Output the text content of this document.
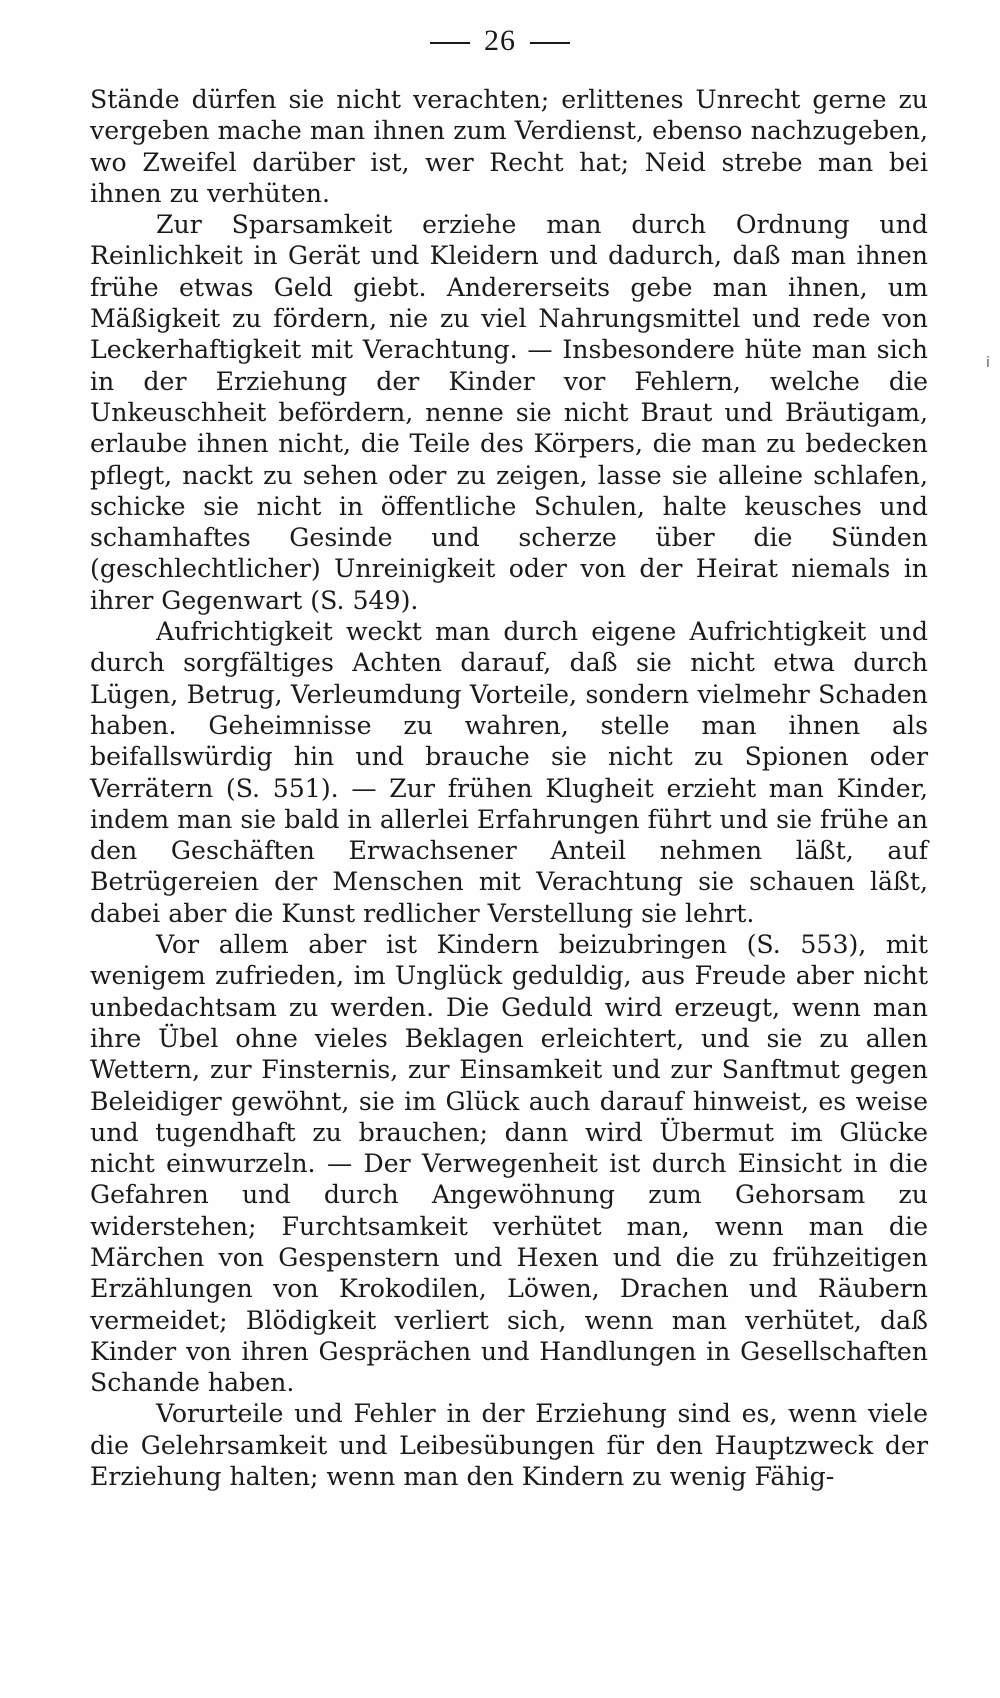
26

Stände dürfen sie nicht verachten; erlittenes Unrecht gerne zu vergeben mache man ihnen zum Verdienst, ebenso nachzugeben, wo Zweifel darüber ist, wer Recht hat; Neid strebe man bei ihnen zu verhüten.

Zur Sparsamkeit erziehe man durch Ordnung und Reinlichkeit in Gerät und Kleidern und dadurch, daß man ihnen frühe etwas Geld giebt. Andererseits gebe man ihnen, um Mäßigkeit zu fördern, nie zu viel Nahrungsmittel und rede von Leckerhaftigkeit mit Verachtung. — Insbesondere hüte man sich in der Erziehung der Kinder vor Fehlern, welche die Unkeuschheit befördern, nenne sie nicht Braut und Bräutigam, erlaube ihnen nicht, die Teile des Körpers, die man zu bedecken pflegt, nackt zu sehen oder zu zeigen, lasse sie alleine schlafen, schicke sie nicht in öffentliche Schulen, halte keusches und schamhaftes Gesinde und scherze über die Sünden (geschlechtlicher) Unreinigkeit oder von der Heirat niemals in ihrer Gegenwart (S. 549).

Aufrichtigkeit weckt man durch eigene Aufrichtigkeit und durch sorgfältiges Achten darauf, daß sie nicht etwa durch Lügen, Betrug, Verleumdung Vorteile, sondern vielmehr Schaden haben. Geheimnisse zu wahren, stelle man ihnen als beifallswürdig hin und brauche sie nicht zu Spionen oder Verrätern (S. 551). — Zur frühen Klugheit erzieht man Kinder, indem man sie bald in allerlei Erfahrungen führt und sie frühe an den Geschäften Erwachsener Anteil nehmen läßt, auf Betrügereien der Menschen mit Verachtung sie schauen läßt, dabei aber die Kunst redlicher Verstellung sie lehrt.

Vor allem aber ist Kindern beizubringen (S. 553), mit wenigem zufrieden, im Unglück geduldig, aus Freude aber nicht unbedachtsam zu werden. Die Geduld wird erzeugt, wenn man ihre Übel ohne vieles Beklagen erleichtert, und sie zu allen Wettern, zur Finsternis, zur Einsamkeit und zur Sanftmut gegen Beleidiger gewöhnt, sie im Glück auch darauf hinweist, es weise und tugendhaft zu brauchen; dann wird Übermut im Glücke nicht einwurzeln. — Der Verwegenheit ist durch Einsicht in die Gefahren und durch Angewöhnung zum Gehorsam zu widerstehen; Furchtsamkeit verhütet man, wenn man die Märchen von Gespenstern und Hexen und die zu frühzeitigen Erzählungen von Krokodilen, Löwen, Drachen und Räubern vermeidet; Blödigkeit verliert sich, wenn man verhütet, daß Kinder von ihren Gesprächen und Handlungen in Gesellschaften Schande haben.

Vorurteile und Fehler in der Erziehung sind es, wenn viele die Gelehrsamkeit und Leibesübungen für den Hauptzweck der Erziehung halten; wenn man den Kindern zu wenig Fähig-

i
